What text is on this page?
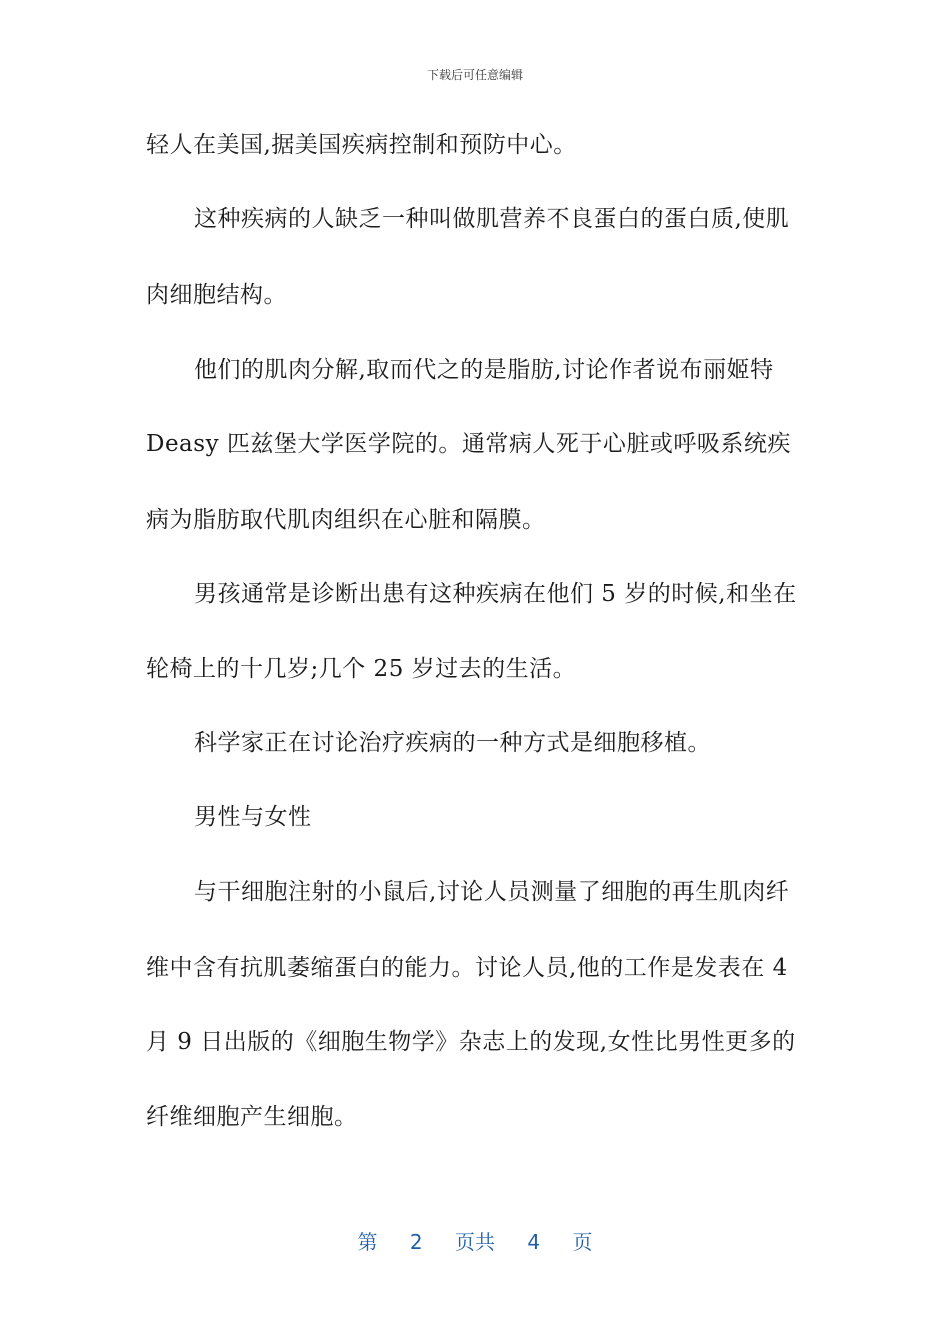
下载后可任意编辑
轻人在美国,据美国疾病控制和预防中心。
这种疾病的人缺乏一种叫做肌营养不良蛋白的蛋白质,使肌
肉细胞结构。
他们的肌肉分解,取而代之的是脂肪,讨论作者说布丽姬特
Deasy 匹兹堡大学医学院的。通常病人死于心脏或呼吸系统疾
病为脂肪取代肌肉组织在心脏和隔膜。
男孩通常是诊断出患有这种疾病在他们 5 岁的时候,和坐在
轮椅上的十几岁;几个 25 岁过去的生活。
科学家正在讨论治疗疾病的一种方式是细胞移植。
男性与女性
与干细胞注射的小鼠后,讨论人员测量了细胞的再生肌肉纤
维中含有抗肌萎缩蛋白的能力。讨论人员,他的工作是发表在 4
月 9 日出版的《细胞生物学》杂志上的发现,女性比男性更多的
纤维细胞产生细胞。
第 2 页共 4 页
